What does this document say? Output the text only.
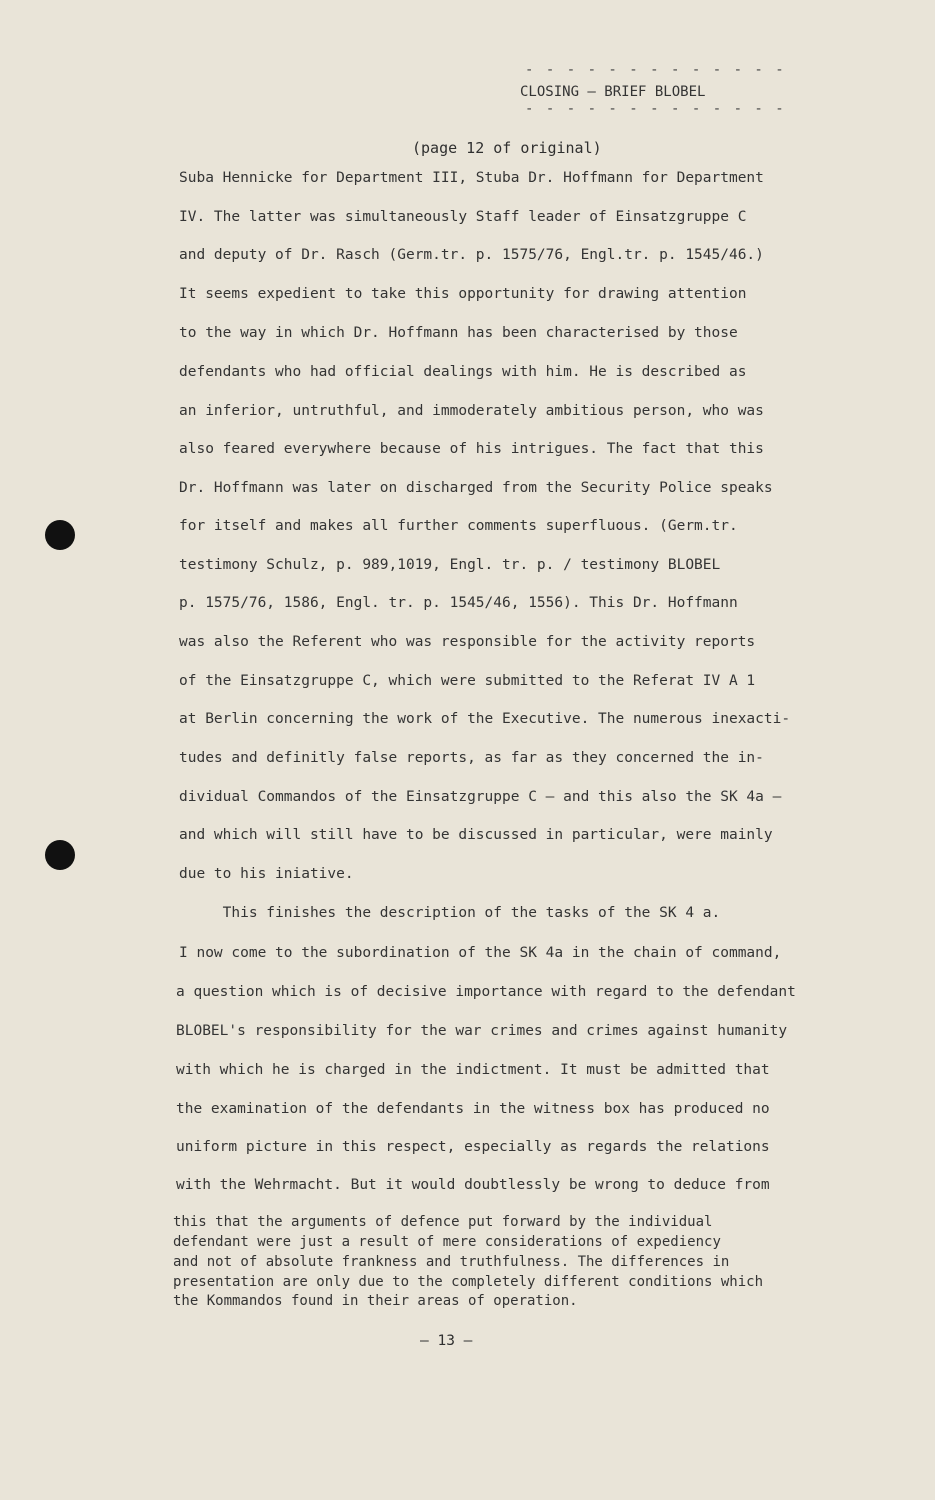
- - - - - - - - - - - - -
CLOSING – BRIEF BLOBEL
- - - - - - - - - - - - -
(page 12 of original)
Suba Hennicke for Department III, Stuba Dr. Hoffmann for Department
IV. The latter was simultaneously Staff leader of Einsatzgruppe C
and deputy of Dr. Rasch (Germ.tr. p. 1575/76, Engl.tr. p. 1545/46.)
It seems expedient to take this opportunity for drawing attention
to the way in which Dr. Hoffmann has been characterised by those
defendants who had official dealings with him. He is described as
an inferior, untruthful, and immoderately ambitious person, who was
also feared everywhere because of his intrigues. The fact that this
Dr. Hoffmann was later on discharged from the Security Police speaks
for itself and makes all further comments superfluous. (Germ.tr.
testimony Schulz, p. 989,1019, Engl. tr. p. / testimony BLOBEL
p. 1575/76, 1586, Engl. tr. p. 1545/46, 1556). This Dr. Hoffmann
was also the Referent who was responsible for the activity reports
of the Einsatzgruppe C, which were submitted to the Referat IV A 1
at Berlin concerning the work of the Executive. The numerous inexacti-
tudes and definitly false reports, as far as they concerned the in-
dividual Commandos of the Einsatzgruppe C – and this also the SK 4a –
and which will still have to be discussed in particular, were mainly
due to his iniative.
This finishes the description of the tasks of the SK 4 a.
I now come to the subordination of the SK 4a in the chain of command,
a question which is of decisive importance with regard to the defendant
BLOBEL's responsibility for the war crimes and crimes against humanity
with which he is charged in the indictment. It must be admitted that
the examination of the defendants in the witness box has produced no
uniform picture in this respect, especially as regards the relations
with the Wehrmacht. But it would doubtlessly be wrong to deduce from
this that the arguments of defence put forward by the individual
defendant were just a result of mere considerations of expediency
and not of absolute frankness and truthfulness. The differences in
presentation are only due to the completely different conditions which
the Kommandos found in their areas of operation.
– 13 –
